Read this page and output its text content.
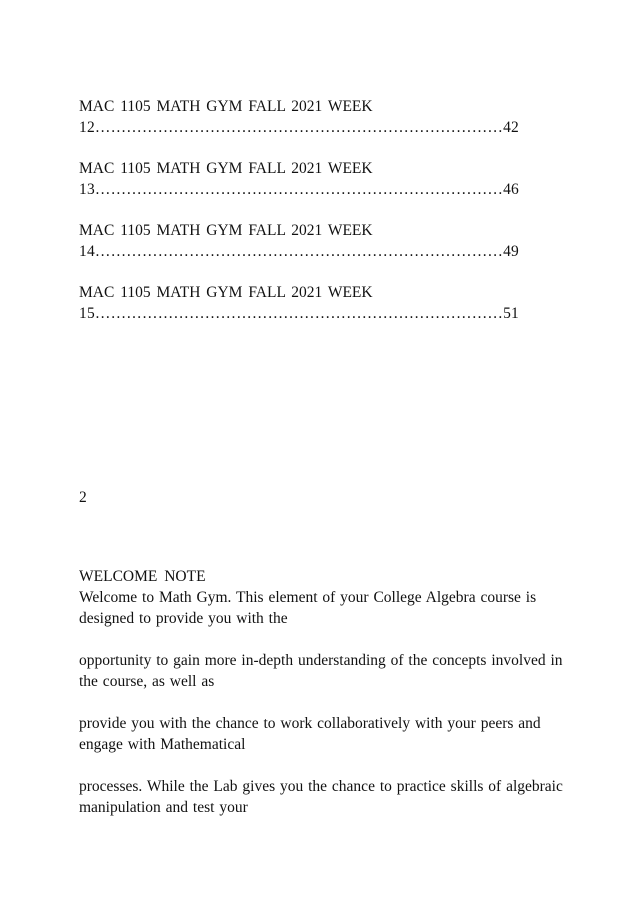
MAC 1105 MATH GYM FALL 2021 WEEK
12……………………………………………………………………42
MAC 1105 MATH GYM FALL 2021 WEEK
13……………………………………………………………………46
MAC 1105 MATH GYM FALL 2021 WEEK
14……………………………………………………………………49
MAC 1105 MATH GYM FALL 2021 WEEK
15……………………………………………………………………51
2
WELCOME NOTE
Welcome to Math Gym. This element of your College Algebra course is designed to provide you with the
opportunity to gain more in-depth understanding of the concepts involved in the course, as well as
provide you with the chance to work collaboratively with your peers and engage with Mathematical
processes. While the Lab gives you the chance to practice skills of algebraic manipulation and test your
